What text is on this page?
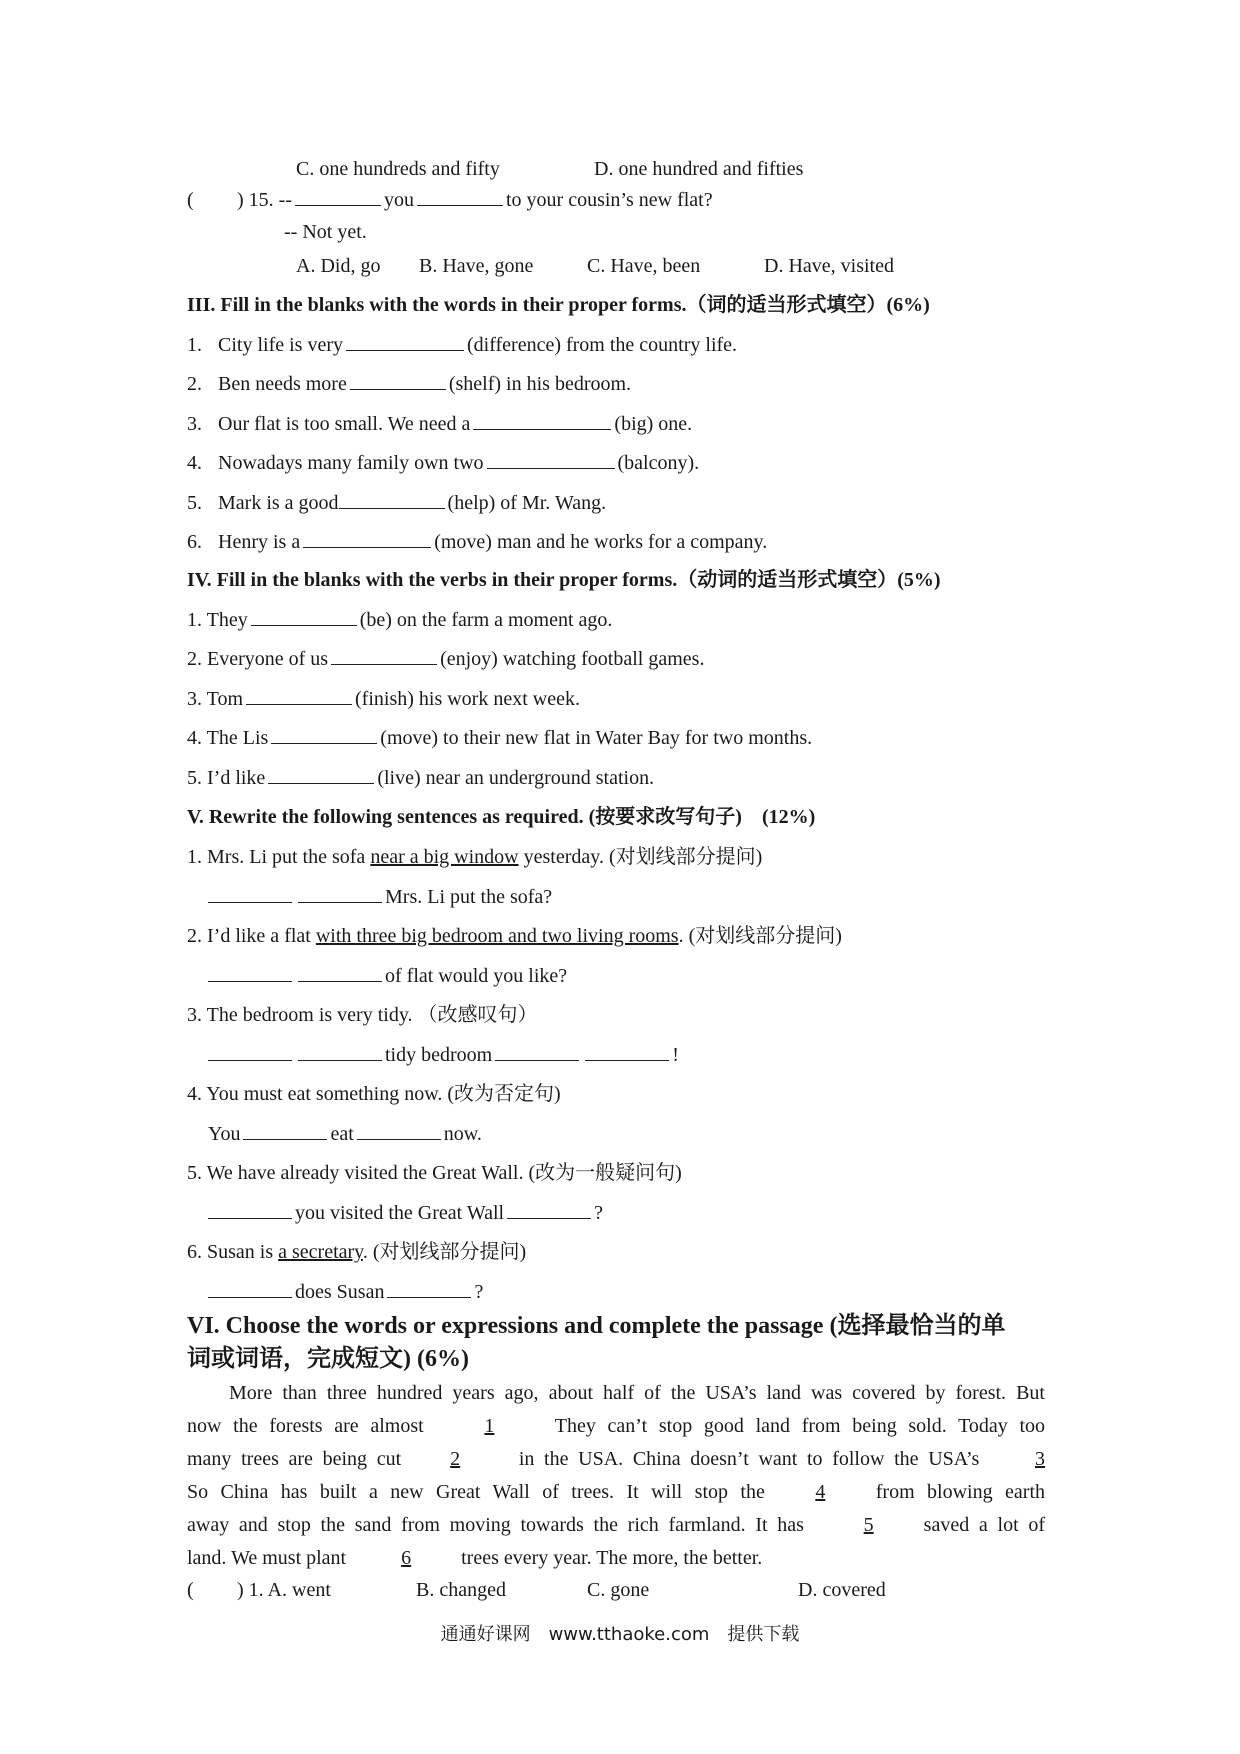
C. one hundreds and fifty	D. one hundred and fifties
( ) 15. --	you	to your cousin’s new flat?
-- Not yet.
A. Did, go B. Have, gone	C. Have, been	D. Have, visited
III. Fill in the blanks with the words in their proper forms.（词的适当形式填空）(6%)
1. City life is very	(difference) from the country life.
2. Ben needs more	(shelf) in his bedroom.
3. Our flat is too small. We need a	(big) one.
4. Nowadays many family own two	(balcony).
5. Mark is a good	(help) of Mr. Wang.
6. Henry is a	(move) man and he works for a company.
IV. Fill in the blanks with the verbs in their proper forms.（动词的适当形式填空）(5%)
1. They	(be) on the farm a moment ago.
2. Everyone of us	(enjoy) watching football games.
3. Tom	(finish) his work next week.
4. The Lis	(move) to their new flat in Water Bay for two months.
5. I’d like	(live) near an underground station.
V. Rewrite the following sentences as required. (按要求改写句子)　(12%)
1. Mrs. Li put the sofa near a big window yesterday. (对划线部分提问)
Mrs. Li put the sofa?
2. I’d like a flat with three big bedroom and two living rooms. (对划线部分提问)
of flat would you like?
3. The bedroom is very tidy. （改感叹句）
tidy bedroom	!
4. You must eat something now. (改为否定句)
You	eat	now.
5. We have already visited the Great Wall. (改为一般疑问句)
you visited the Great Wall	?
6. Susan is a secretary. (对划线部分提问)
does Susan	?
VI. Choose the words or expressions and complete the passage (选择最恰当的单
词或词语，完成短文) (6%)
More than three hundred years ago, about half of the USA’s land was covered by forest. But
now the forests are almost	1	They can’t stop good land from being sold. Today too
many trees are being cut 2	in the USA. China doesn’t want to follow the USA’s	3
So China has built a new Great Wall of trees. It will stop the	4	from blowing earth
away and stop the sand from moving towards the rich farmland. It has	5	saved a lot of
land. We must plant	6	trees every year. The more, the better.
( ) 1. A. went	B. changed	C. gone	D. covered
通通好课网　www.tthaoke.com　提供下载
